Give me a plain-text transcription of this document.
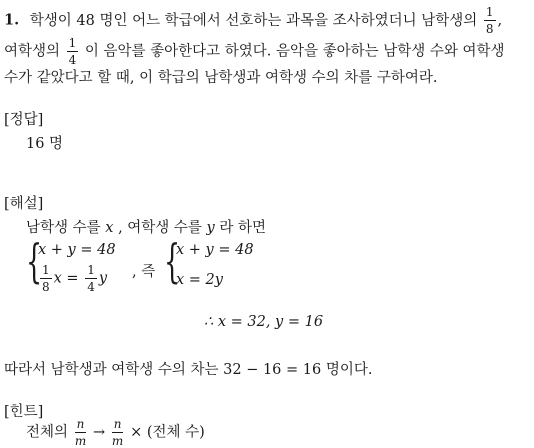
1. 학생이 48 명인 어느 학급에서 선호하는 과목을 조사하였더니 남학생의 $\frac{1}{8}$ ,
여학생의 $\frac{1}{4}$ 이 음악를 좋아한다고 하였다. 음악을 좋아하는 남학생 수와 여학생
수가 같았다고 할 때, 이 학급의 남학생과 여학생 수의 차를 구하여라.
[정답]
16 명
[해설]
남학생 수를 x , 여학생 수를 y 라 하면
{
x + y = 48
$\frac{1}{8}$ $x = \frac{1}{4}$ y , 즉 {
x + y = 48
x = 2y
∴ x = 32, y = 16
따라서 남학생과 여학생 수의 차는 32 − 16 = 16 명이다.
[힌트]
전체의 $\frac{n}{m} \to \frac{n}{m}$ × (전체 수)
